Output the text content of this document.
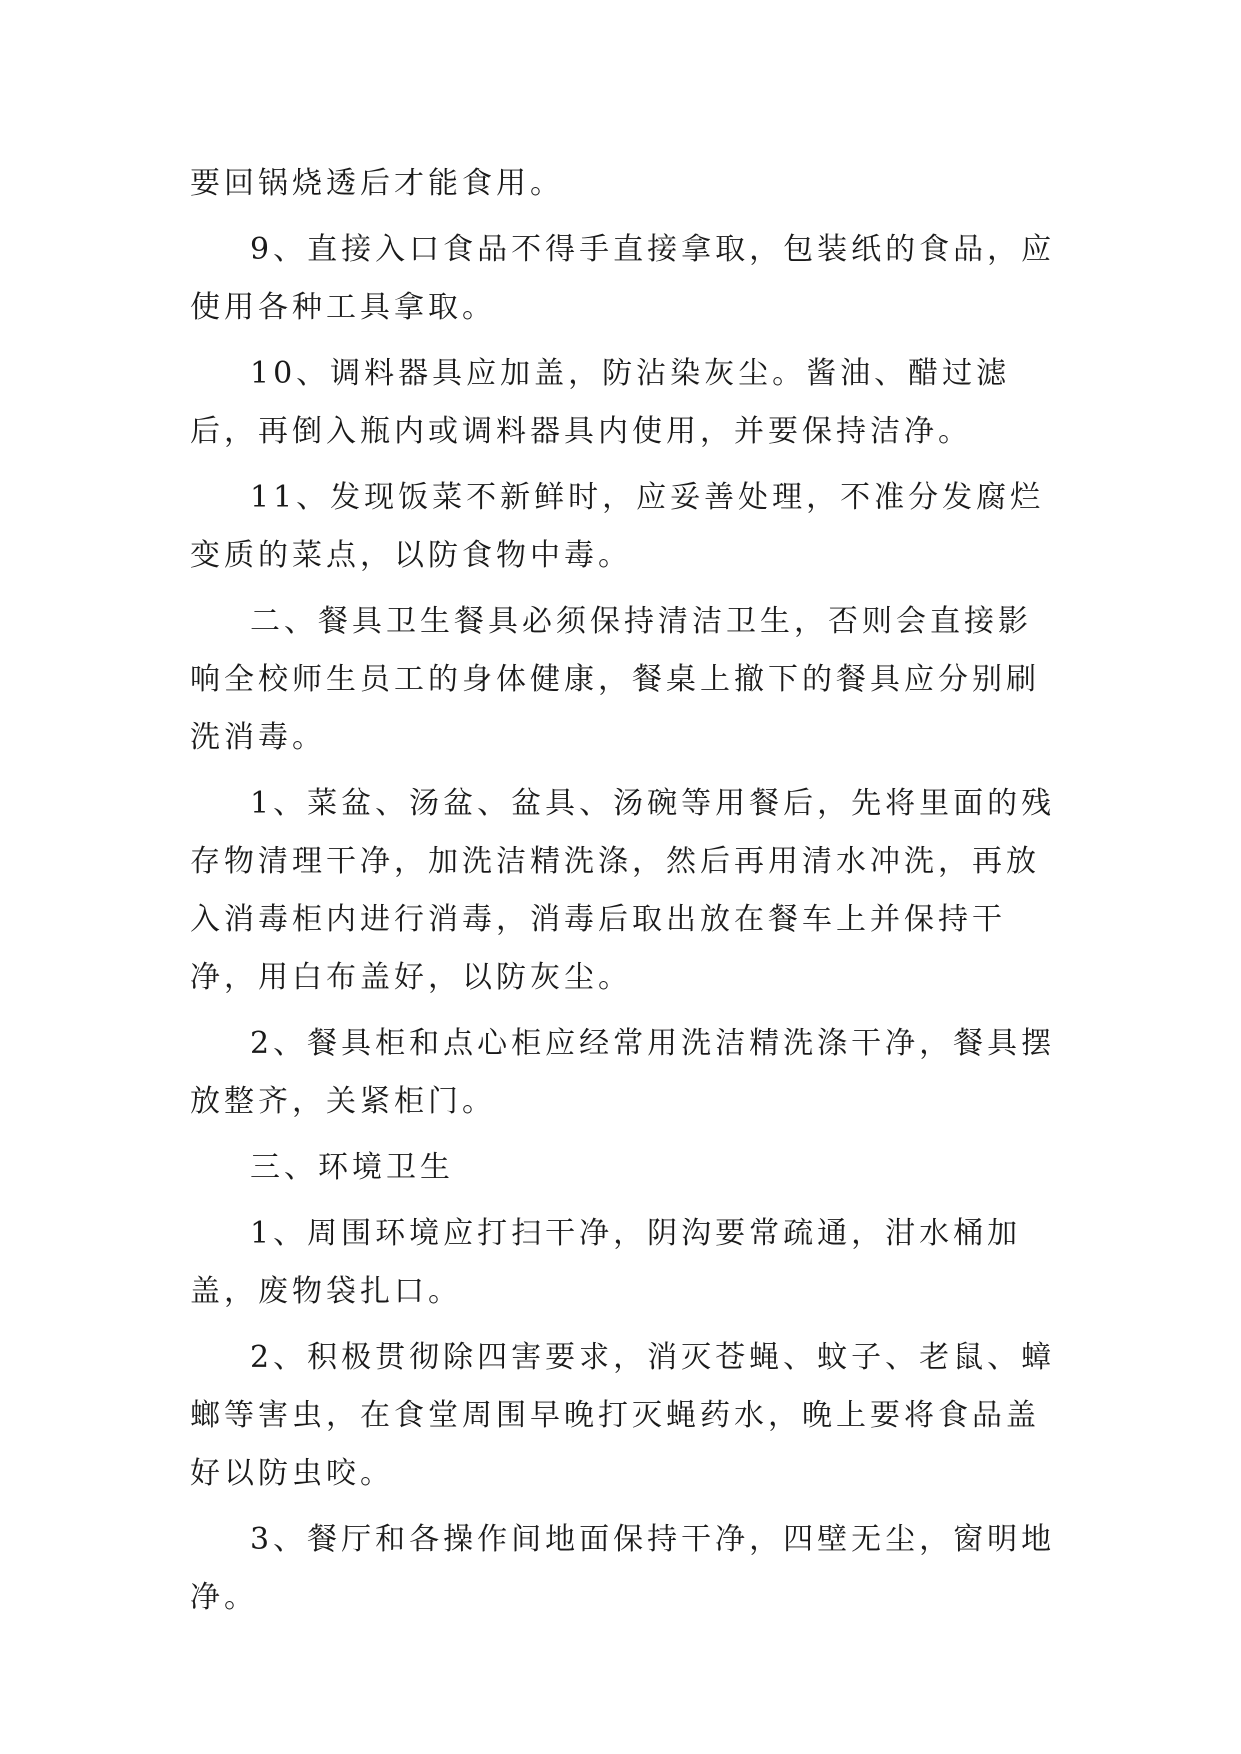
要回锅烧透后才能食用。

9、直接入口食品不得手直接拿取，包装纸的食品，应使用各种工具拿取。

10、调料器具应加盖，防沾染灰尘。酱油、醋过滤后，再倒入瓶内或调料器具内使用，并要保持洁净。

11、发现饭菜不新鲜时，应妥善处理，不准分发腐烂变质的菜点，以防食物中毒。

二、餐具卫生餐具必须保持清洁卫生，否则会直接影响全校师生员工的身体健康，餐桌上撤下的餐具应分别刷洗消毒。

1、菜盆、汤盆、盆具、汤碗等用餐后，先将里面的残存物清理干净，加洗洁精洗涤，然后再用清水冲洗，再放入消毒柜内进行消毒，消毒后取出放在餐车上并保持干净，用白布盖好，以防灰尘。

2、餐具柜和点心柜应经常用洗洁精洗涤干净，餐具摆放整齐，关紧柜门。

三、环境卫生

1、周围环境应打扫干净，阴沟要常疏通，泔水桶加盖，废物袋扎口。

2、积极贯彻除四害要求，消灭苍蝇、蚊子、老鼠、蟑螂等害虫，在食堂周围早晚打灭蝇药水，晚上要将食品盖好以防虫咬。

3、餐厅和各操作间地面保持干净，四壁无尘，窗明地净。
